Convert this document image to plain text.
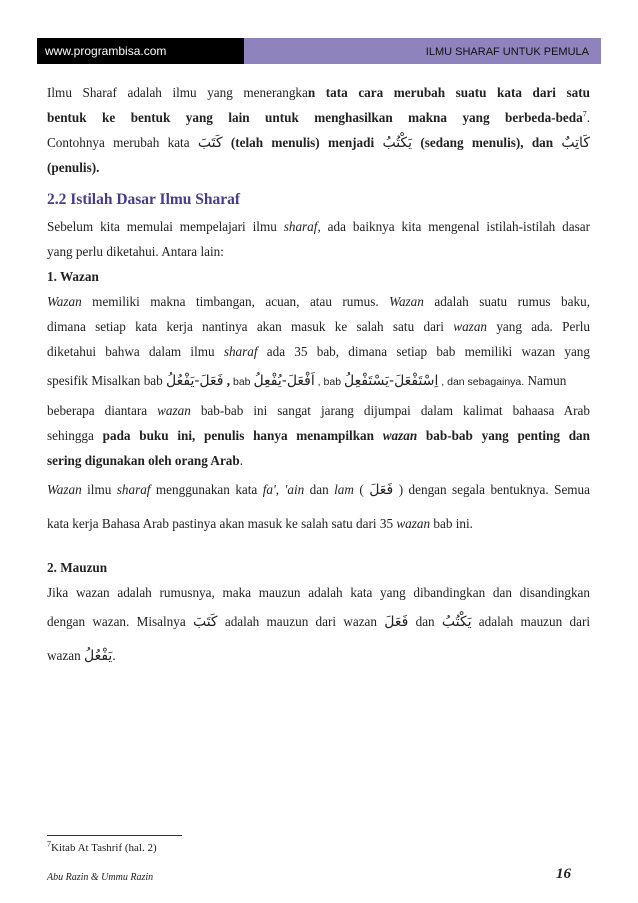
www.programbisa.com	ILMU SHARAF UNTUK PEMULA
Ilmu Sharaf adalah ilmu yang menerangkan tata cara merubah suatu kata dari satu
bentuk ke bentuk yang lain untuk menghasilkan makna yang berbeda-beda$^7$.
Contohnya merubah kata كَتَبَ (telah menulis) menjadi يَكْتُبُ (sedang menulis), dan كَاتِبٌ
(penulis).
2.2 Istilah Dasar Ilmu Sharaf
Sebelum kita memulai mempelajari ilmu sharaf, ada baiknya kita mengenal istilah-istilah dasar
yang perlu diketahui. Antara lain:
1. Wazan
Wazan memiliki makna timbangan, acuan, atau rumus. Wazan adalah suatu rumus baku,
dimana setiap kata kerja nantinya akan masuk ke salah satu dari wazan yang ada. Perlu
diketahui bahwa dalam ilmu sharaf ada 35 bab, dimana setiap bab memiliki wazan yang
spesifik Misalkan bab فَعَلَ-يَفْعُلُ , bab اَفْعَلَ-يُفْعِلُ , bab اِسْتَفْعَلَ-يَسْتَفْعِلُ , dan sebagainya. Namun
beberapa diantara wazan bab-bab ini sangat jarang dijumpai dalam kalimat bahaasa Arab
sehingga pada buku ini, penulis hanya menampilkan wazan bab-bab yang penting dan
sering digunakan oleh orang Arab.
Wazan ilmu sharaf menggunakan kata fa', 'ain dan lam ( فَعَلَ ) dengan segala bentuknya. Semua
kata kerja Bahasa Arab pastinya akan masuk ke salah satu dari 35 wazan bab ini.
2. Mauzun
Jika wazan adalah rumusnya, maka mauzun adalah kata yang dibandingkan dan disandingkan
dengan wazan. Misalnya كَتَبَ adalah mauzun dari wazan فَعَلَ dan يَكْتُبُ adalah mauzun dari
wazan يَفْعُلُ.
$^7$Kitab At Tashrif (hal. 2)
Abu Razin & Ummu Razin	16
